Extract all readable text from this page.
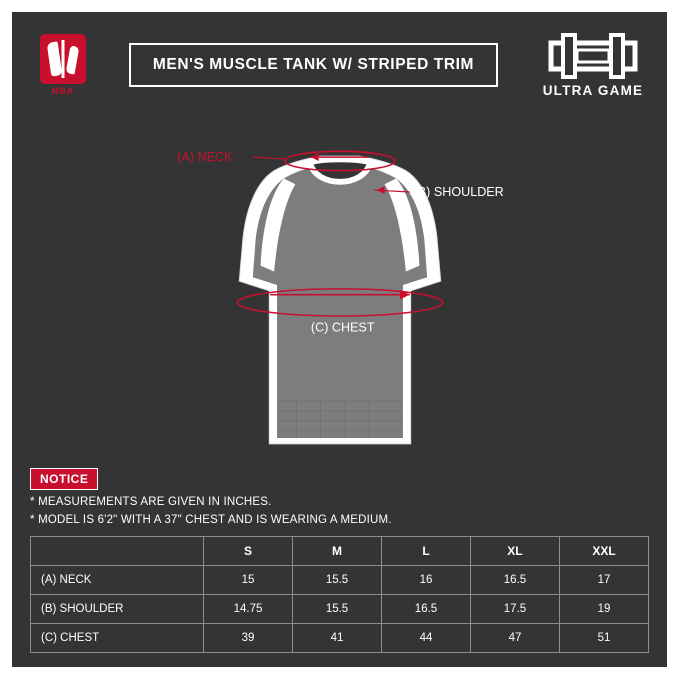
NBA
MEN'S MUSCLE TANK W/ STRIPED TRIM
ULTRA GAME
(A) NECK
(B) SHOULDER
(C) CHEST
NOTICE
* MEASUREMENTS ARE GIVEN IN INCHES.
* MODEL IS 6'2" WITH A 37" CHEST AND IS WEARING A MEDIUM.
	S	M	L	XL	XXL
(A) NECK	15	15.5	16	16.5	17
(B) SHOULDER	14.75	15.5	16.5	17.5	19
(C) CHEST	39	41	44	47	51
